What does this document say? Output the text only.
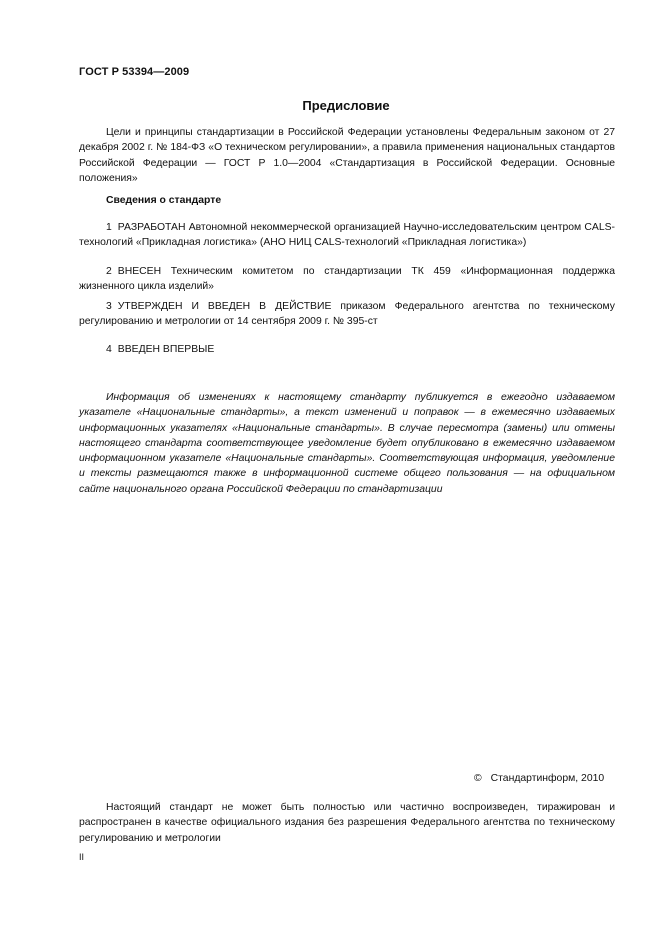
ГОСТ Р 53394—2009
Предисловие
Цели и принципы стандартизации в Российской Федерации установлены Федеральным законом от 27 декабря 2002 г. № 184-ФЗ «О техническом регулировании», а правила применения национальных стандартов Российской Федерации — ГОСТ Р 1.0—2004 «Стандартизация в Российской Федерации. Основные положения»
Сведения о стандарте
1 РАЗРАБОТАН Автономной некоммерческой организацией Научно-исследовательским центром CALS-технологий «Прикладная логистика» (АНО НИЦ CALS-технологий «Прикладная логистика»)
2 ВНЕСЕН Техническим комитетом по стандартизации ТК 459 «Информационная поддержка жизненного цикла изделий»
3 УТВЕРЖДЕН И ВВЕДЕН В ДЕЙСТВИЕ приказом Федерального агентства по техническому регулированию и метрологии от 14 сентября 2009 г. № 395-ст
4 ВВЕДЕН ВПЕРВЫЕ
Информация об изменениях к настоящему стандарту публикуется в ежегодно издаваемом указателе «Национальные стандарты», а текст изменений и поправок — в ежемесячно издаваемых информационных указателях «Национальные стандарты». В случае пересмотра (замены) или отмены настоящего стандарта соответствующее уведомление будет опубликовано в ежемесячно издаваемом информационном указателе «Национальные стандарты». Соответствующая информация, уведомление и тексты размещаются также в информационной системе общего пользования — на официальном сайте национального органа Российской Федерации по стандартизации
© Стандартинформ, 2010
Настоящий стандарт не может быть полностью или частично воспроизведен, тиражирован и распространен в качестве официального издания без разрешения Федерального агентства по техническому регулированию и метрологии
II
